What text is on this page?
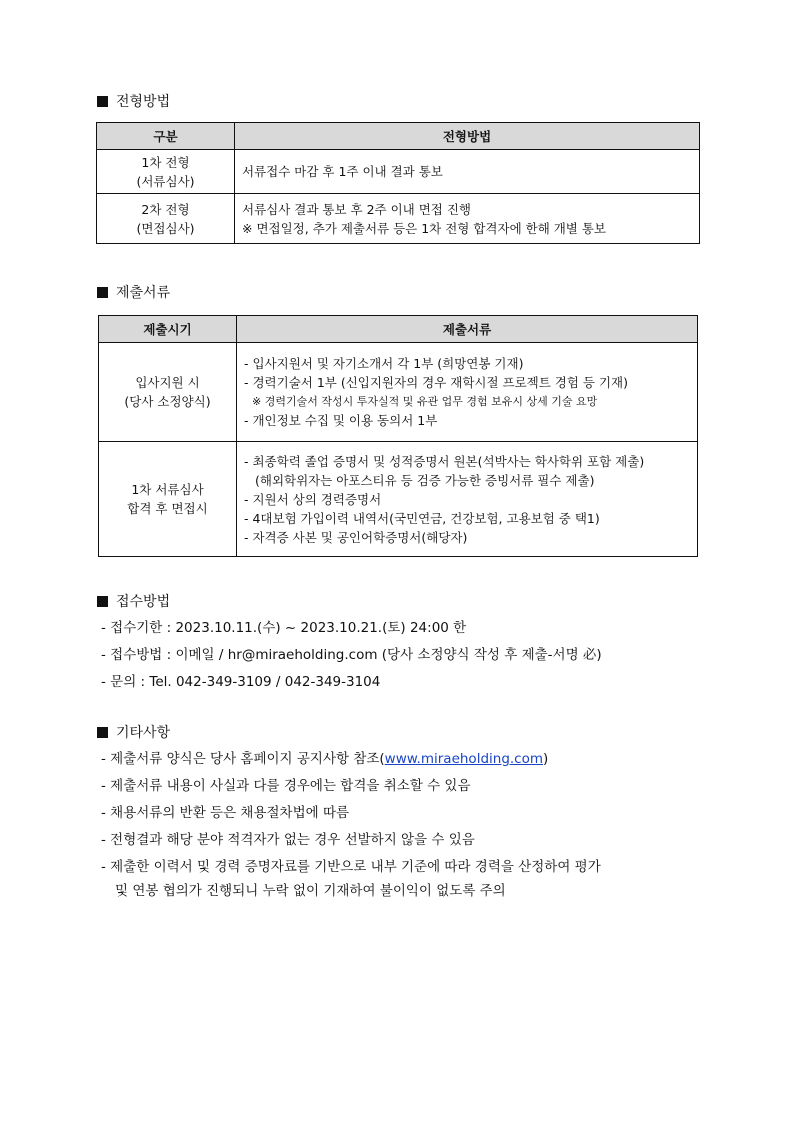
전형방법
구분	전형방법

1차 전형
(서류심사)	서류접수 마감 후 1주 이내 결과 통보

2차 전형
(면접심사)	서류심사 결과 통보 후 2주 이내 면접 진행
※ 면접일정, 추가 제출서류 등은 1차 전형 합격자에 한해 개별 통보
제출서류
제출시기	제출서류

입사지원 시
(당사 소정양식)	- 입사지원서 및 자기소개서 각 1부 (희망연봉 기재)
- 경력기술서 1부 (신입지원자의 경우 재학시절 프로젝트 경험 등 기재)
※ 경력기술서 작성시 투자실적 및 유관 업무 경험 보유시 상세 기술 요망
- 개인정보 수집 및 이용 동의서 1부

1차 서류심사
합격 후 면접시	- 최종학력 졸업 증명서 및 성적증명서 원본(석박사는 학사학위 포함 제출)
(해외학위자는 아포스티유 등 검증 가능한 증빙서류 필수 제출)
- 지원서 상의 경력증명서
- 4대보험 가입이력 내역서(국민연금, 건강보험, 고용보험 중 택1)
- 자격증 사본 및 공인어학증명서(해당자)
접수방법
- 접수기한 : 2023.10.11.(수) ~ 2023.10.21.(토) 24:00 한
- 접수방법 : 이메일 / hr@miraeholding.com (당사 소정양식 작성 후 제출-서명 必)
- 문의 : Tel. 042-349-3109 / 042-349-3104
기타사항
- 제출서류 양식은 당사 홈페이지 공지사항 참조(www.miraeholding.com)
- 제출서류 내용이 사실과 다를 경우에는 합격을 취소할 수 있음
- 채용서류의 반환 등은 채용절차법에 따름
- 전형결과 해당 분야 적격자가 없는 경우 선발하지 않을 수 있음
- 제출한 이력서 및 경력 증명자료를 기반으로 내부 기준에 따라 경력을 산정하여 평가
및 연봉 협의가 진행되니 누락 없이 기재하여 불이익이 없도록 주의
